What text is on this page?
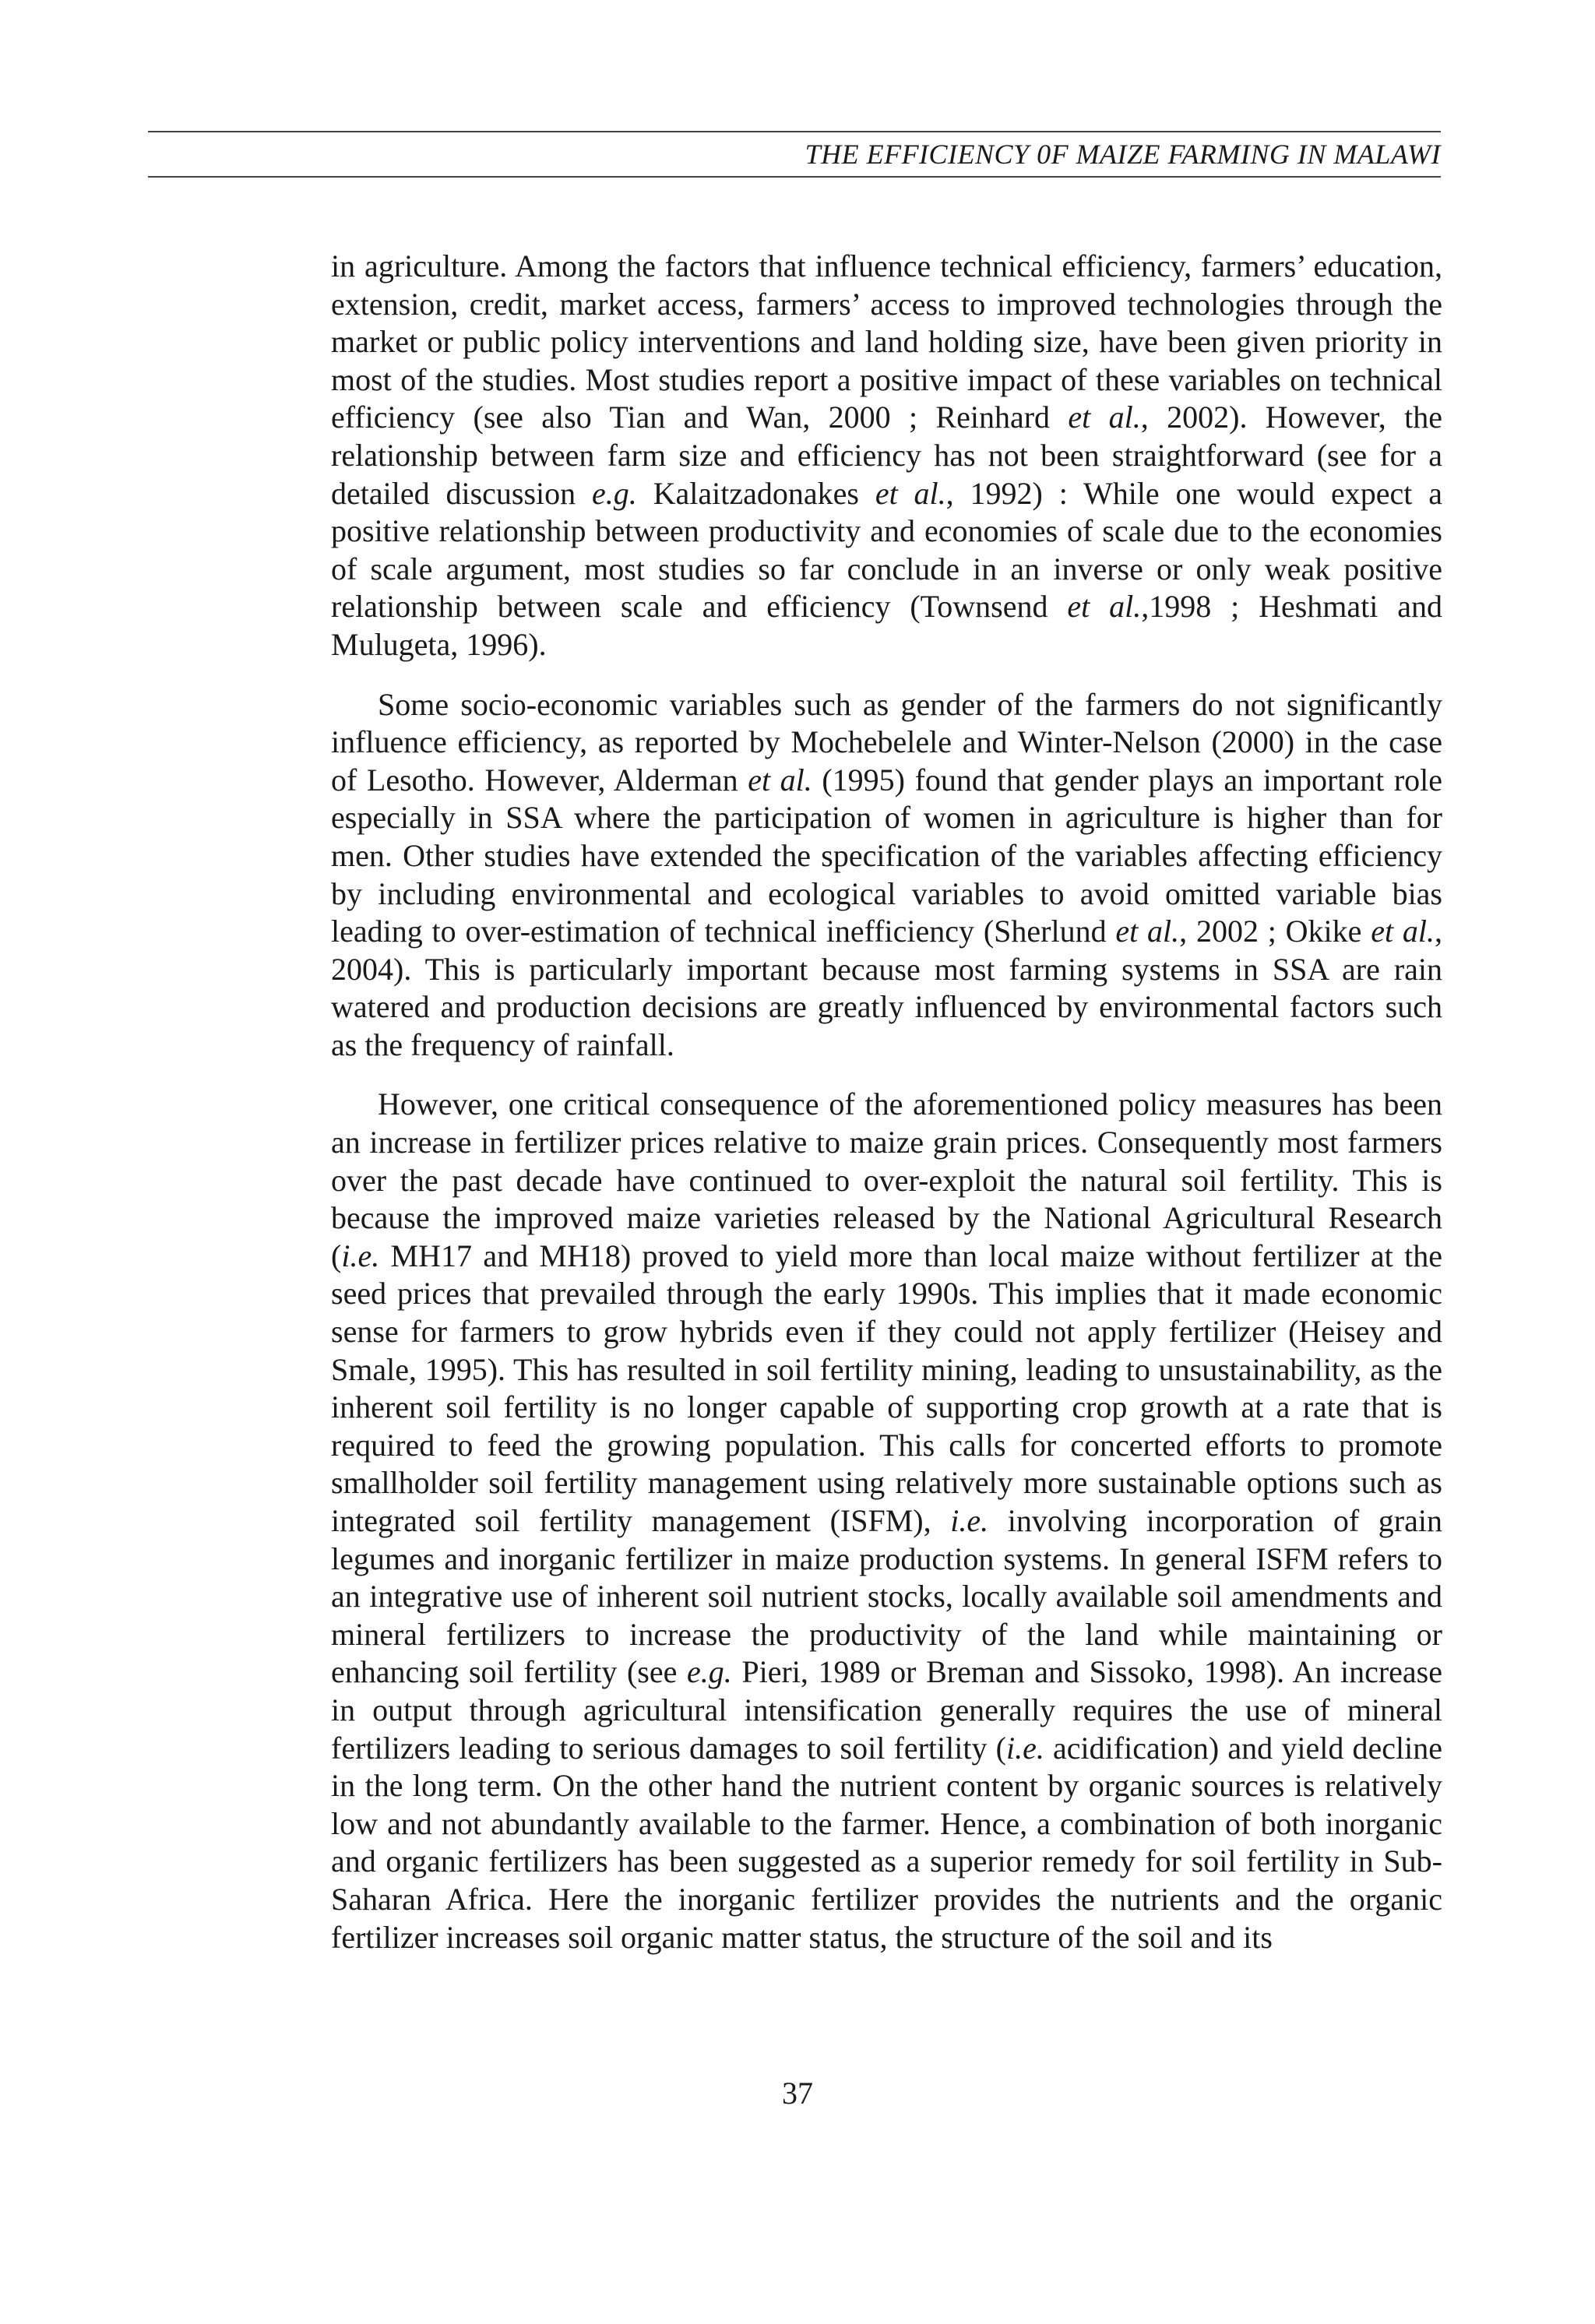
THE EFFICIENCY 0F MAIZE FARMING IN MALAWI

in agriculture. Among the factors that influence technical efficiency, farmers’ education, extension, credit, market access, farmers’ access to improved technologies through the market or public policy interventions and land holding size, have been given priority in most of the studies. Most studies report a positive impact of these variables on technical efficiency (see also Tian and Wan, 2000 ; Reinhard et al., 2002). However, the relationship between farm size and efficiency has not been straightforward (see for a detailed discussion e.g. Kalaitzadonakes et al., 1992) : While one would expect a positive relationship between productivity and economies of scale due to the economies of scale argument, most studies so far conclude in an inverse or only weak positive relationship between scale and efficiency (Townsend et al.,1998 ; Heshmati and Mulugeta, 1996).

Some socio-economic variables such as gender of the farmers do not significantly influence efficiency, as reported by Mochebelele and Winter-Nelson (2000) in the case of Lesotho. However, Alderman et al. (1995) found that gender plays an important role especially in SSA where the participation of women in agriculture is higher than for men. Other studies have extended the specification of the variables affecting efficiency by including environmental and ecological variables to avoid omitted variable bias leading to over-estimation of technical inefficiency (Sherlund et al., 2002 ; Okike et al., 2004). This is particularly important because most farming systems in SSA are rain watered and production decisions are greatly influenced by environmental factors such as the frequency of rainfall.

However, one critical consequence of the aforementioned policy measures has been an increase in fertilizer prices relative to maize grain prices. Consequently most farmers over the past decade have continued to over-exploit the natural soil fertility. This is because the improved maize varieties released by the National Agricultural Research (i.e. MH17 and MH18) proved to yield more than local maize without fertilizer at the seed prices that prevailed through the early 1990s. This implies that it made economic sense for farmers to grow hybrids even if they could not apply fertilizer (Heisey and Smale, 1995). This has resulted in soil fertility mining, leading to unsustainability, as the inherent soil fertility is no longer capable of supporting crop growth at a rate that is required to feed the growing population. This calls for concerted efforts to promote smallholder soil fertility management using relatively more sustainable options such as integrated soil fertility management (ISFM), i.e. involving incorporation of grain legumes and inorganic fertilizer in maize production systems. In general ISFM refers to an integrative use of inherent soil nutrient stocks, locally available soil amendments and mineral fertilizers to increase the productivity of the land while maintaining or enhancing soil fertility (see e.g. Pieri, 1989 or Breman and Sissoko, 1998). An increase in output through agricultural intensification generally requires the use of mineral fertilizers leading to serious damages to soil fertility (i.e. acidification) and yield decline in the long term. On the other hand the nutrient content by organic sources is relatively low and not abundantly available to the farmer. Hence, a combination of both inorganic and organic fertilizers has been suggested as a superior remedy for soil fertility in Sub-Saharan Africa. Here the inorganic fertilizer provides the nutrients and the organic fertilizer increases soil organic matter status, the structure of the soil and its

37
